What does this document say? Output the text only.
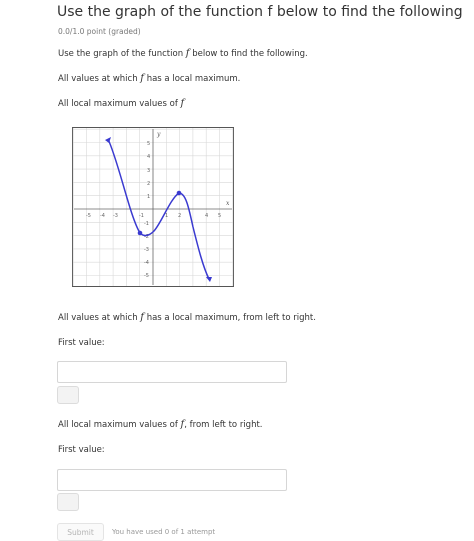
Use the graph of the function f below to find the following
0.0/1.0 point (graded)
Use the graph of the function f below to find the following.
All values at which f has a local maximum.
All local maximum values of f
x
y
-5 -4 -3	-1	1 2	4 5
5
4
3
2
1
-1
-2
-3
-4
-5
All values at which f has a local maximum, from left to right.
First value:
All local maximum values of f, from left to right.
First value:
Submit	You have used 0 of 1 attempt
